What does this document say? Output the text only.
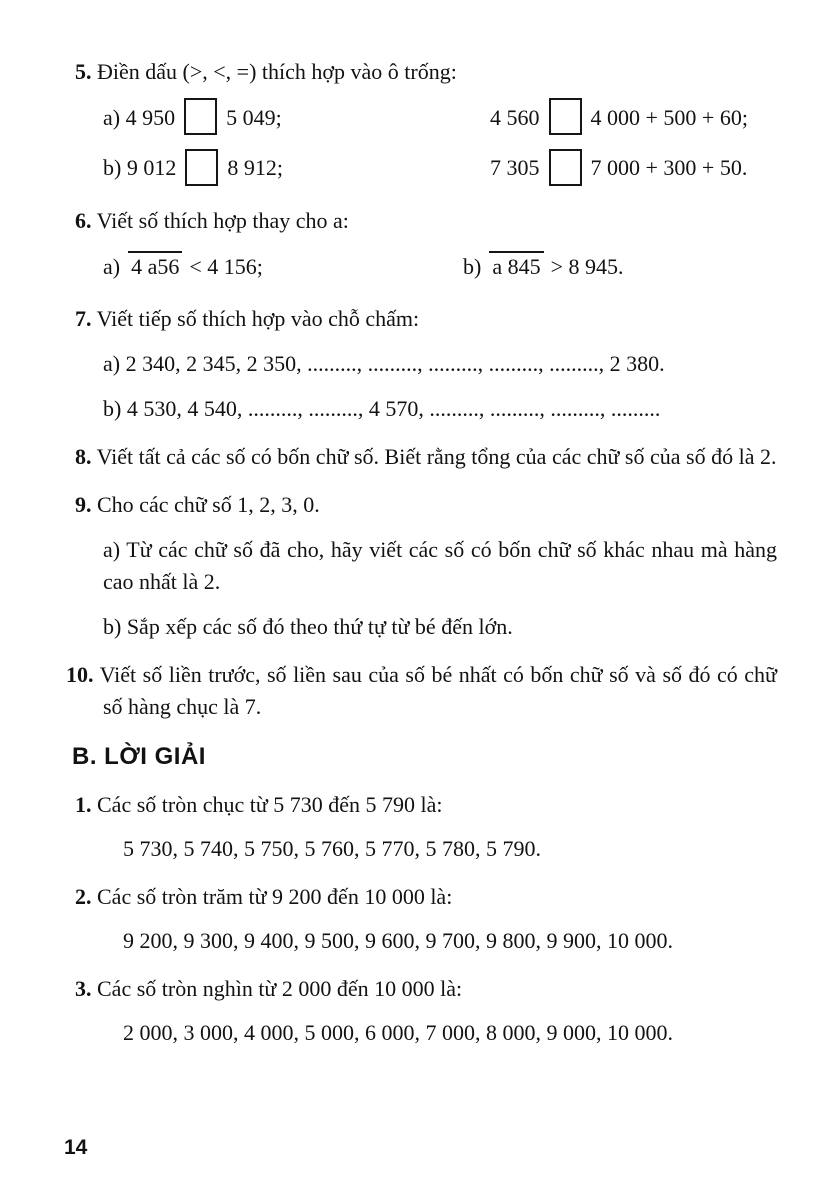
5. Điền dấu (>, <, =) thích hợp vào ô trống:

a) 4 950 5 049;	4 560 4 000 + 500 + 60;
b) 9 012 8 912;	7 305 7 000 + 300 + 50.

6. Viết số thích hợp thay cho a:

a) 4 a56 < 4 156;	b) a 845 > 8 945.

7. Viết tiếp số thích hợp vào chỗ chấm:

a) 2 340, 2 345, 2 350, ........., ........., ........., ........., ........., 2 380.

b) 4 530, 4 540, ........., ........., 4 570, ........., ........., ........., .........

8. Viết tất cả các số có bốn chữ số. Biết rằng tổng của các chữ số của số đó là 2.

9. Cho các chữ số 1, 2, 3, 0.

a) Từ các chữ số đã cho, hãy viết các số có bốn chữ số khác nhau mà hàng cao nhất là 2.

b) Sắp xếp các số đó theo thứ tự từ bé đến lớn.

10. Viết số liền trước, số liền sau của số bé nhất có bốn chữ số và số đó có chữ số hàng chục là 7.

B. LỜI GIẢI

1. Các số tròn chục từ 5 730 đến 5 790 là:

5 730, 5 740, 5 750, 5 760, 5 770, 5 780, 5 790.

2. Các số tròn trăm từ 9 200 đến 10 000 là:

9 200, 9 300, 9 400, 9 500, 9 600, 9 700, 9 800, 9 900, 10 000.

3. Các số tròn nghìn từ 2 000 đến 10 000 là:

2 000, 3 000, 4 000, 5 000, 6 000, 7 000, 8 000, 9 000, 10 000.

14
